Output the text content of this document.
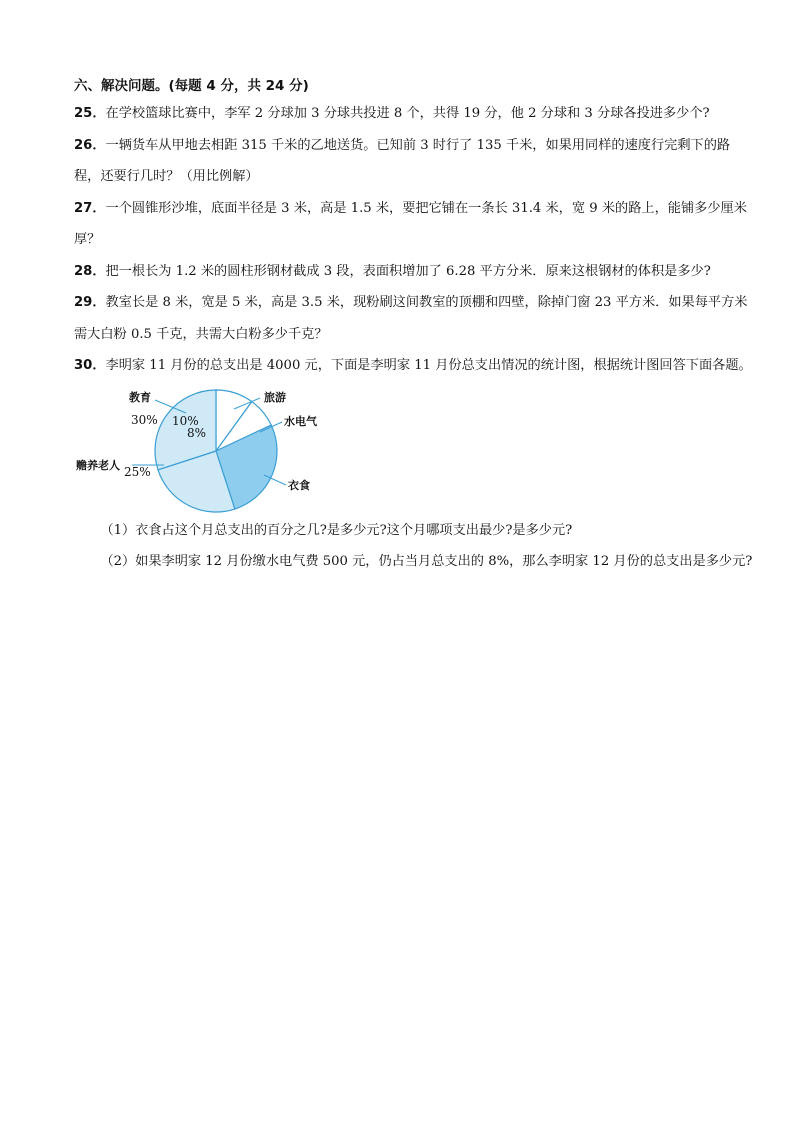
六、解决问题。(每题 4 分，共 24 分)
25．在学校篮球比赛中，李军 2 分球加 3 分球共投进 8 个，共得 19 分，他 2 分球和 3 分球各投进多少个?
26．一辆货车从甲地去相距 315 千米的乙地送货。已知前 3 时行了 135 千米，如果用同样的速度行完剩下的路程，还要行几时？（用比例解）
27．一个圆锥形沙堆，底面半径是 3 米，高是 1.5 米，要把它铺在一条长 31.4 米，宽 9 米的路上，能铺多少厘米厚？
28．把一根长为 1.2 米的圆柱形钢材截成 3 段，表面积增加了 6.28 平方分米．原来这根钢材的体积是多少?
29．教室长是 8 米，宽是 5 米，高是 3.5 米，现粉刷这间教室的顶棚和四壁，除掉门窗 23 平方米．如果每平方米需大白粉 0.5 千克，共需大白粉多少千克？
30．李明家 11 月份的总支出是 4000 元，下面是李明家 11 月份总支出情况的统计图，根据统计图回答下面各题。
10%
8%
25%
30%
旅游
水电气
衣食
赡养老人
教育
（1）衣食占这个月总支出的百分之几?是多少元?这个月哪项支出最少?是多少元?
（2）如果李明家 12 月份缴水电气费 500 元，仍占当月总支出的 8%，那么李明家 12 月份的总支出是多少元?
